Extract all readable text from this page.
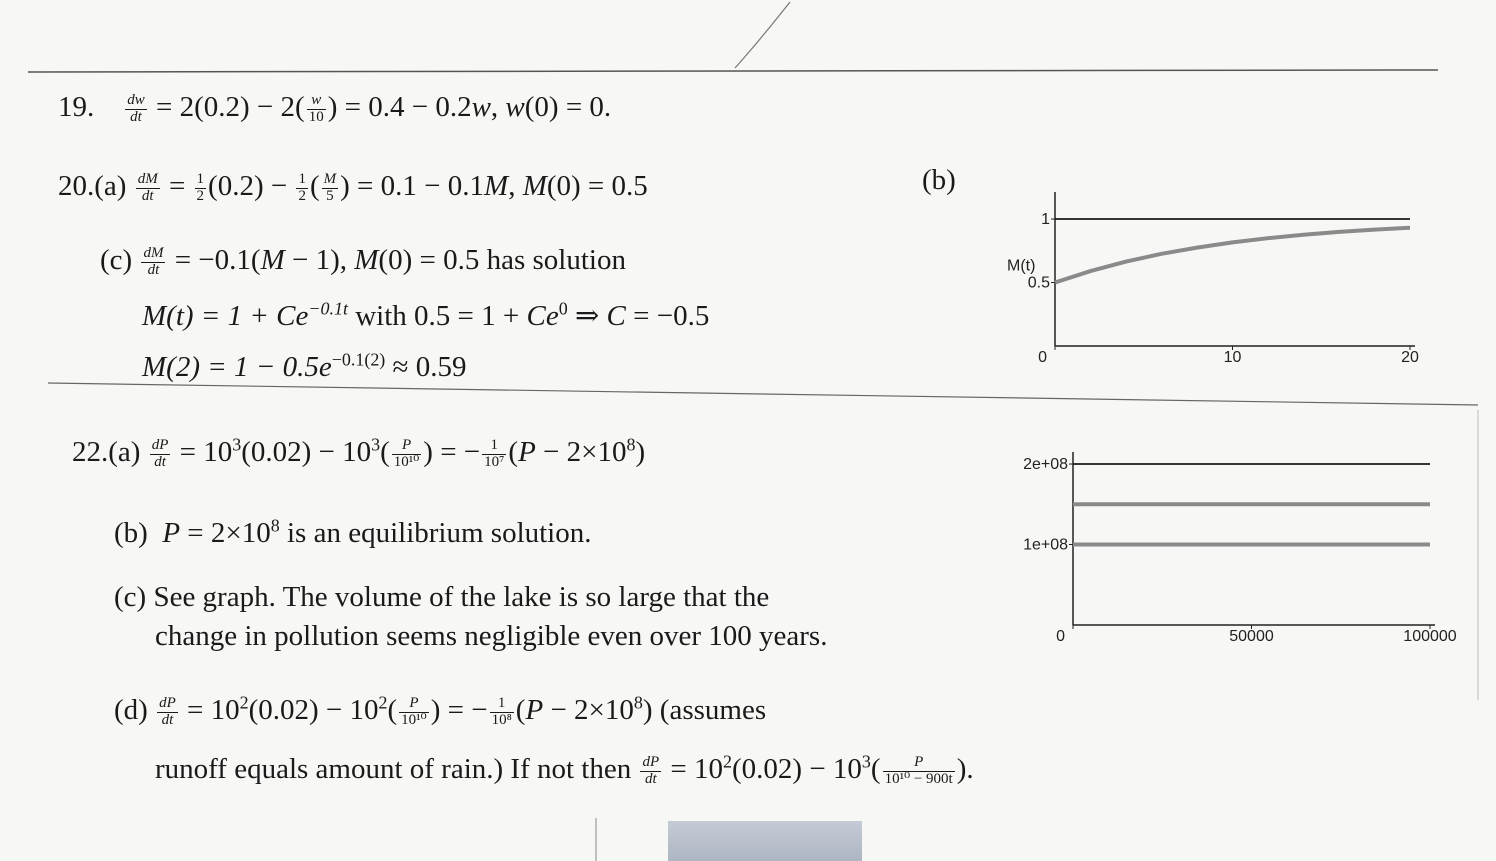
19. $\frac{dw}{dt} = 2(0.2) - 2( \frac{w}{10}$ ) = 0.4 − 0.2w, w(0) = 0.
$20.(a) \frac{dM}{dt} = \frac{1}{2} (0.2) - \frac{1}{2}$ ( $\frac{M}{5}$ ) = 0.1 − 0.1M, M(0) = 0.5	(b)
$(c) \frac{dM}{dt} = -0.1(M - 1)$, M(0) = 0.5 has solution
$M(t) = 1 + Ce^{-0.1t}$ with $0.5 = 1 + Ce^0$ ⇒ C = −0.5
$M(2) = 1 - 0.5e^{-0.1(2)} \approx 0.59$
$22.(a) \frac{dP}{dt} = 10^3(0.02) - 10^3( \frac{P}{\text{10¹⁰}}$ ) = − $\frac{1}{\text{10⁷}} (P - 2\times 10^8)$
(b) $P = 2\times 10^8$ is an equilibrium solution.
(c) See graph. The volume of the lake is so large that the
change in pollution seems negligible even over 100 years.
$(d) \frac{dP}{dt} = 10^2(0.02) - 10^2( \frac{P}{\text{10¹⁰}}$ ) = − $\frac{1}{\text{10⁸}} (P - 2\times 10^8)$ (assumes
runoff equals amount of rain.) If not then $\frac{dP}{dt} = 10^2(0.02) - 10^3( \frac{P}{\text{10¹⁰ − 900t}}$ ).
0	10	20
0.5
1
M(t)
0	50000	100000
1e+08
2e+08
